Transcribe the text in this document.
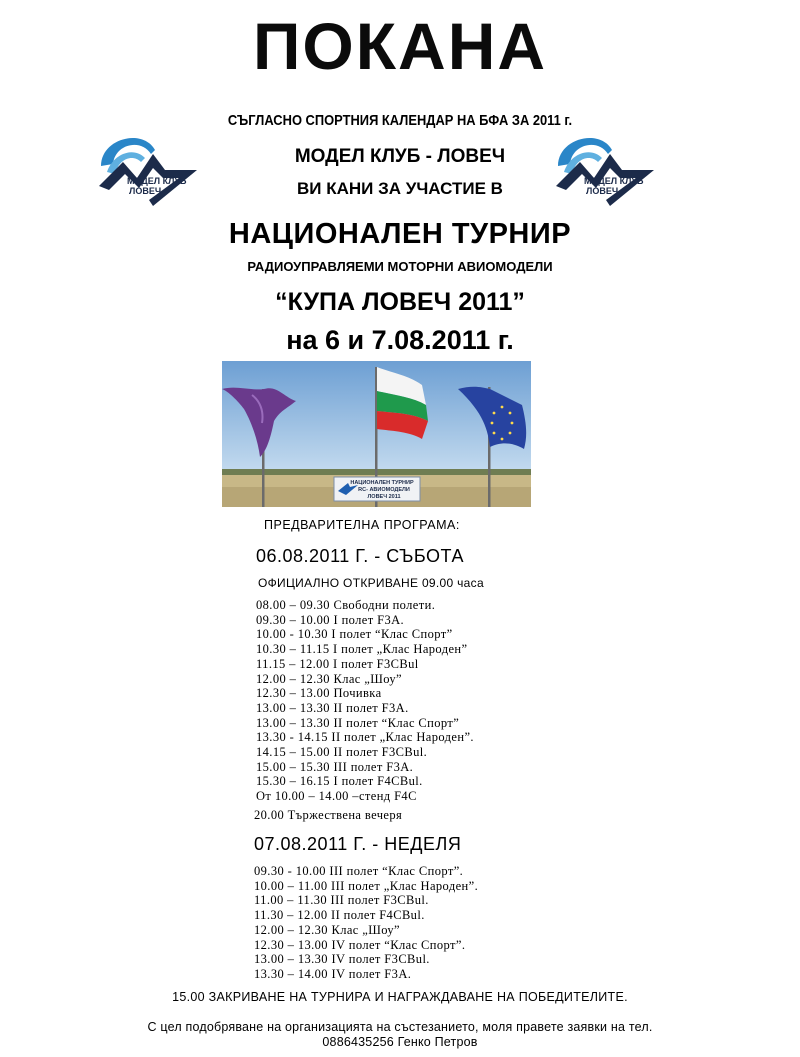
ПОКАНА
СЪГЛАСНО СПОРТНИЯ КАЛЕНДАР НА БФА ЗА 2011 г.
МОДЕЛ КЛУБ
ЛОВЕЧ
МОДЕЛ КЛУБ
ЛОВЕЧ
МОДЕЛ КЛУБ - ЛОВЕЧ
ВИ КАНИ ЗА УЧАСТИЕ В
НАЦИОНАЛЕН ТУРНИР
РАДИОУПРАВЛЯЕМИ МОТОРНИ АВИОМОДЕЛИ
“КУПА ЛОВЕЧ 2011”
на 6 и 7.08.2011 г.
НАЦИОНАЛЕН ТУРНИР
RC- АВИОМОДЕЛИ
ЛОВЕЧ 2011
ПРЕДВАРИТЕЛНА ПРОГРАМА:
06.08.2011 Г. - СЪБОТА
ОФИЦИАЛНО ОТКРИВАНЕ 09.00 часа
08.00 – 09.30 Свободни полети.
09.30 – 10.00 I полет F3A.
10.00 - 10.30 I полет “Клас Спорт”
10.30 – 11.15 I полет „Клас Народен”
11.15 – 12.00 I полет F3CBul
12.00 – 12.30 Клас „Шоу”
12.30 – 13.00 Почивка
13.00 – 13.30 II полет F3A.
13.00 – 13.30 II полет “Клас Спорт”
13.30 - 14.15 II полет „Клас Народен”.
14.15 – 15.00 II полет F3CBul.
15.00 – 15.30 III полет F3A.
15.30 – 16.15 I полет F4CBul.
От 10.00 – 14.00 –стенд F4C
20.00 Тържествена вечеря
07.08.2011 Г. - НЕДЕЛЯ
09.30 - 10.00 III полет “Клас Спорт”.
10.00 – 11.00 III полет „Клас Народен”.
11.00 – 11.30 III полет F3CBul.
11.30 – 12.00 II полет F4CBul.
12.00 – 12.30 Клас „Шоу”
12.30 – 13.00 IV полет “Клас Спорт”.
13.00 – 13.30 IV полет F3CBul.
13.30 – 14.00 IV полет F3A.
15.00 ЗАКРИВАНЕ НА ТУРНИРА И НАГРАЖДАВАНЕ НА ПОБЕДИТЕЛИТЕ.
С цел подобряване на организацията на състезанието, моля правете заявки на тел.
0886435256 Генко Петров
